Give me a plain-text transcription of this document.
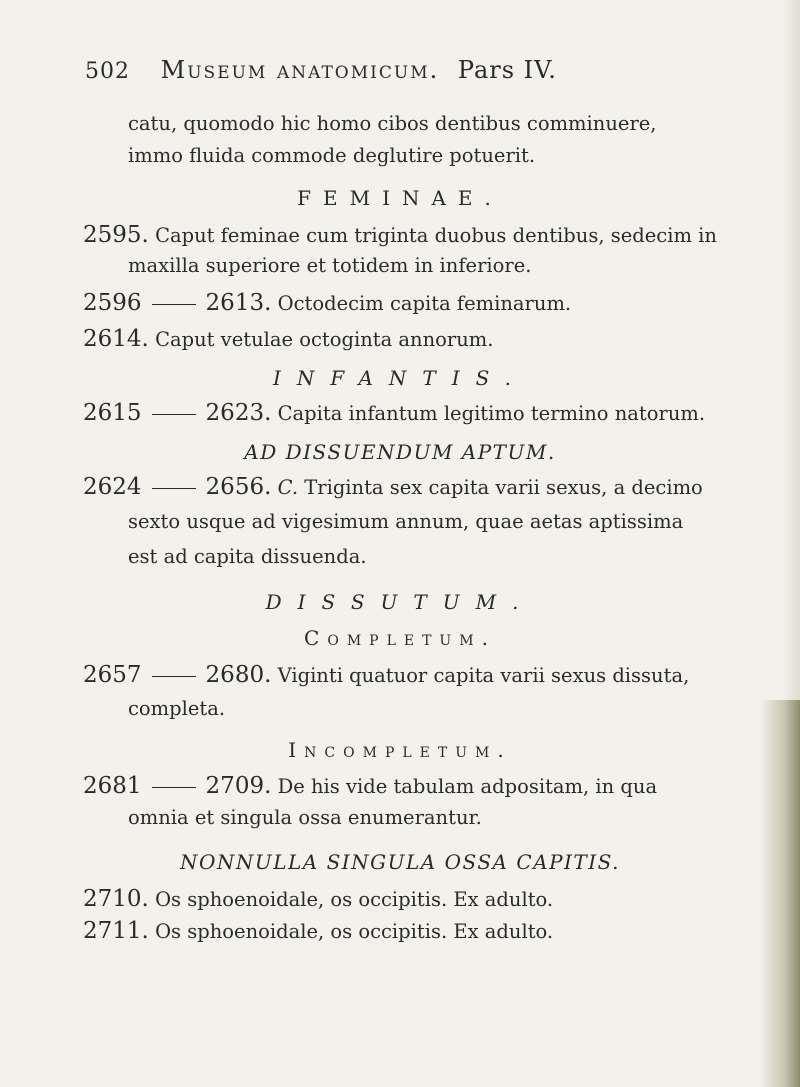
502 Museum anatomicum. Pars IV.
catu, quomodo hic homo cibos dentibus comminuere,
immo fluida commode deglutire potuerit.
FEMINAE.
2595. Caput feminae cum triginta duobus dentibus, sedecim in
maxilla superiore et totidem in inferiore.
2596	2613. Octodecim capita feminarum.
2614. Caput vetulae octoginta annorum.
INFANTIS.
2615	2623. Capita infantum legitimo termino natorum.
AD DISSUENDUM APTUM.
2624	2656. C. Triginta sex capita varii sexus, a decimo
sexto usque ad vigesimum annum, quae aetas aptissima
est ad capita dissuenda.
DISSUTUM.
Completum.
2657	2680. Viginti quatuor capita varii sexus dissuta,
completa.
Incompletum.
2681	2709. De his vide tabulam adpositam, in qua
omnia et singula ossa enumerantur.
NONNULLA SINGULA OSSA CAPITIS.
2710. Os sphoenoidale, os occipitis. Ex adulto.
2711. Os sphoenoidale, os occipitis. Ex adulto.
